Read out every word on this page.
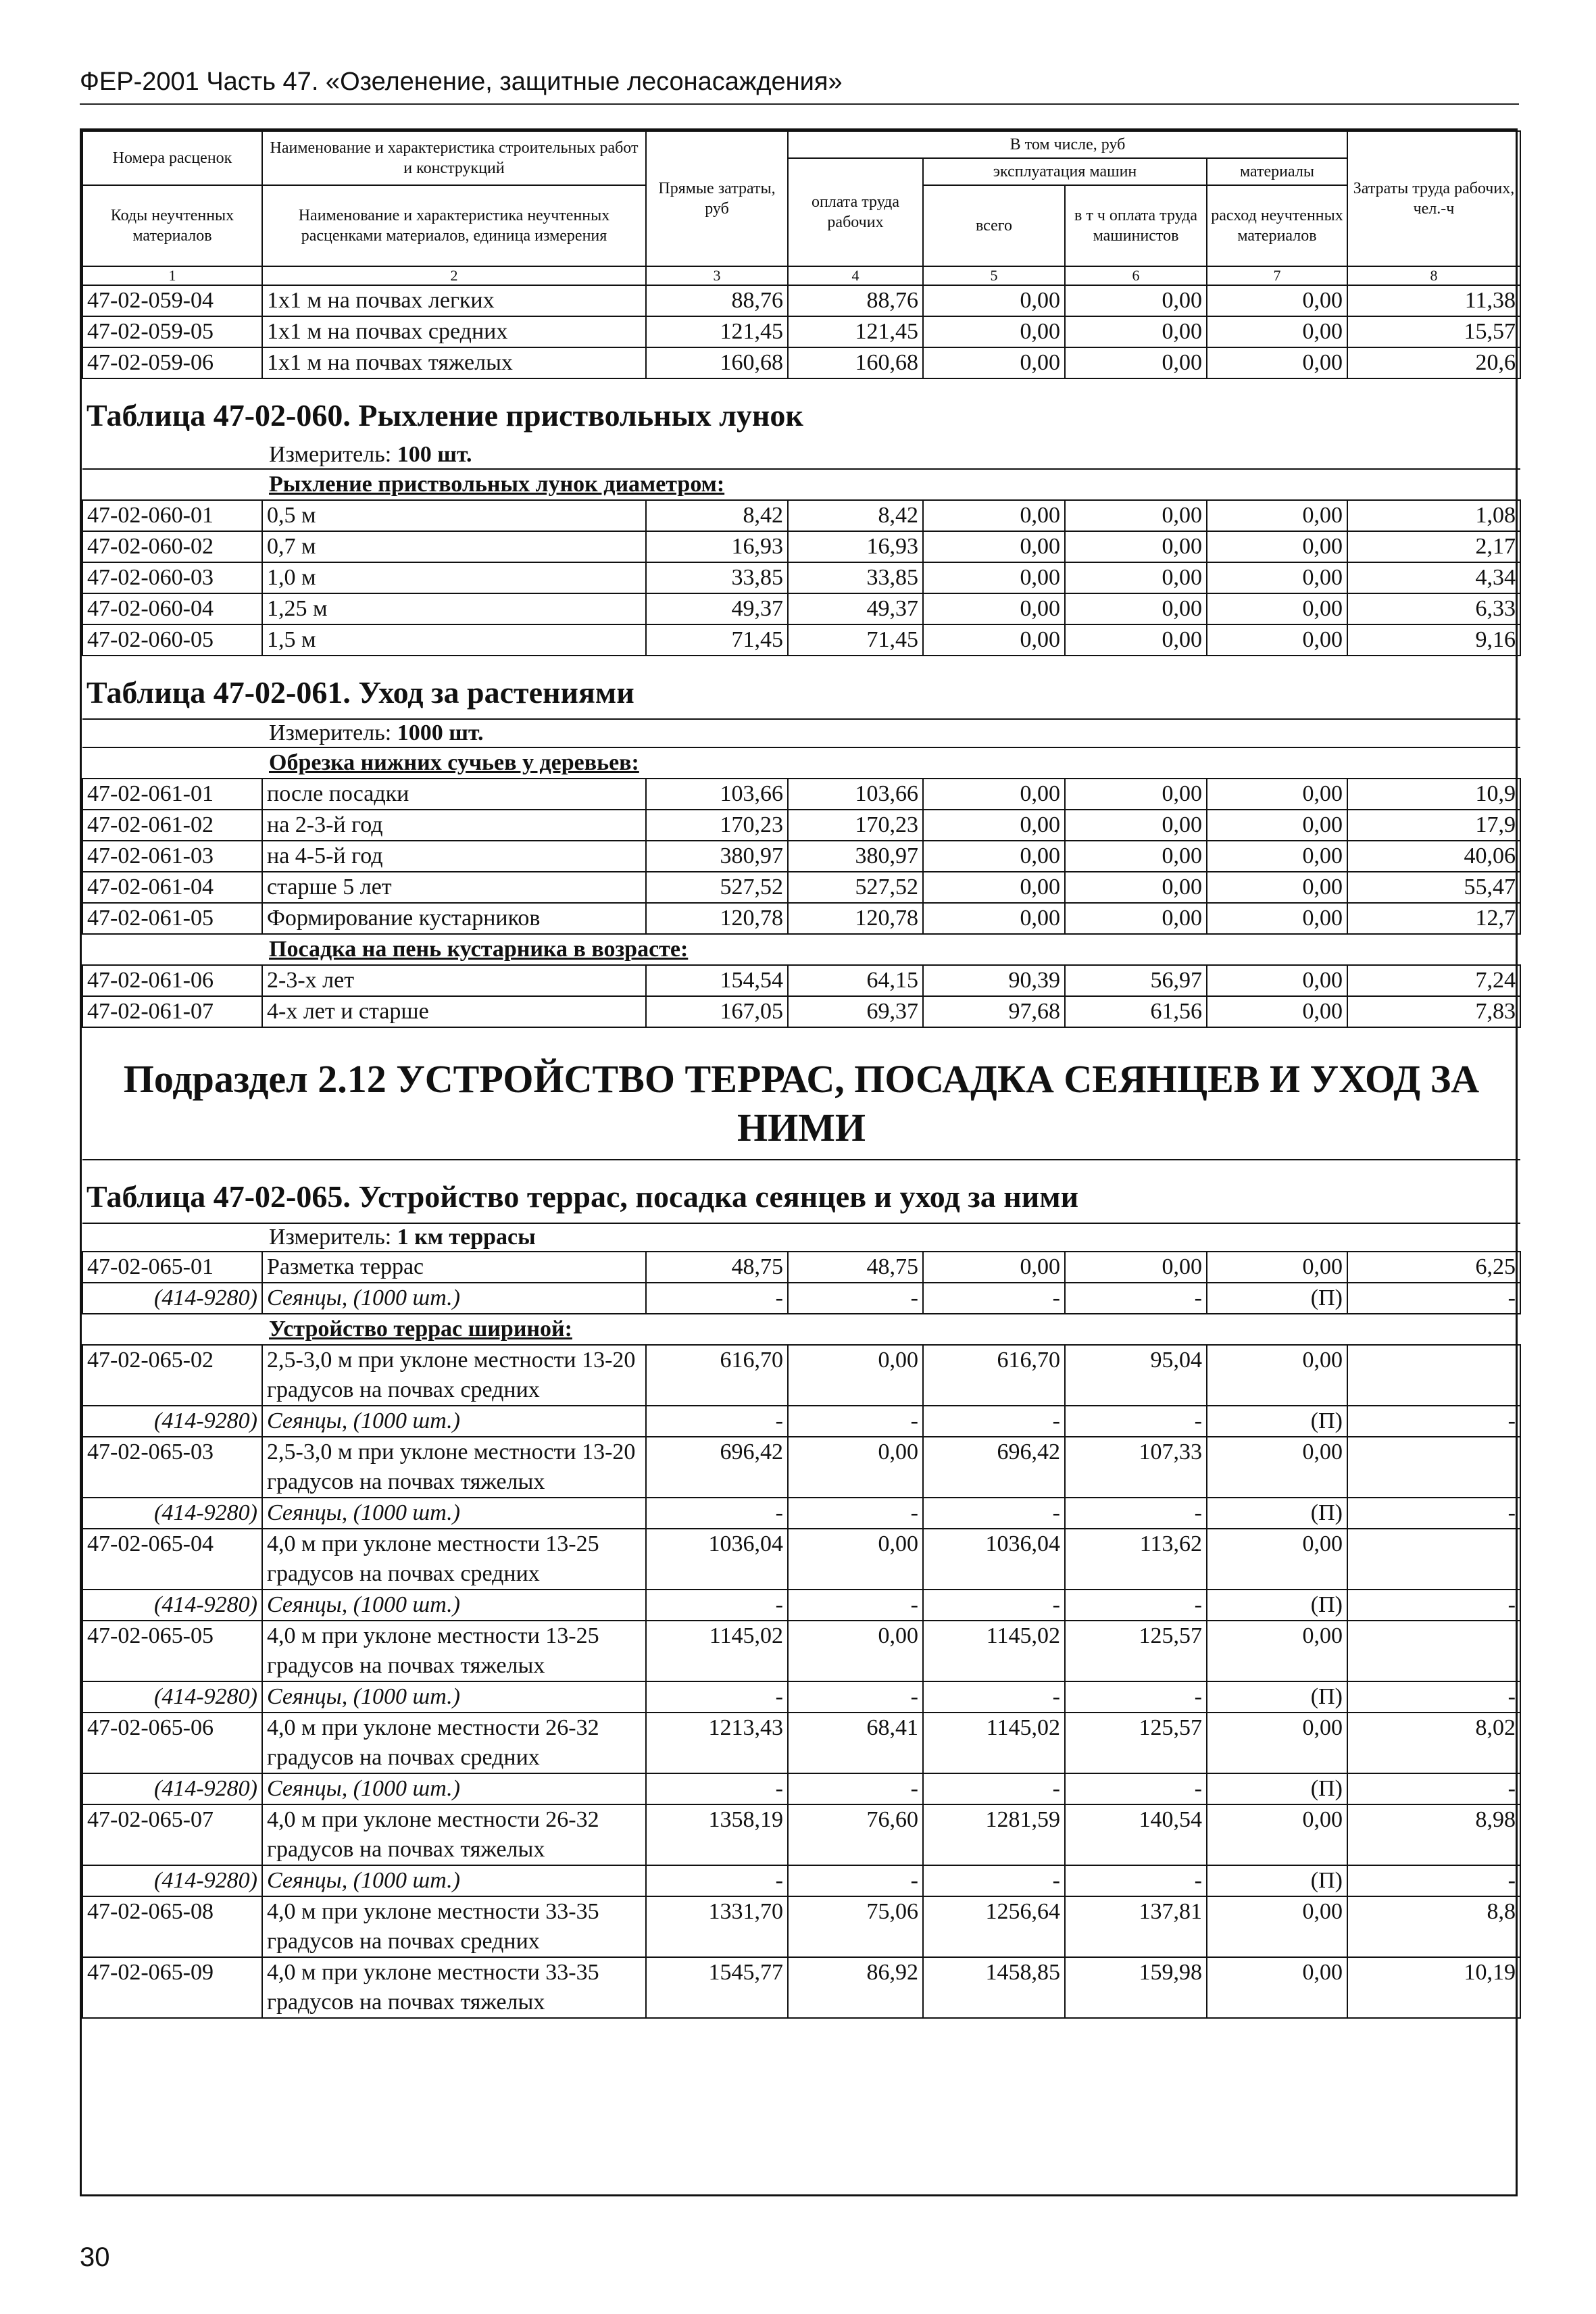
ФЕР-2001 Часть 47. «Озеленение, защитные лесонасаждения»
Номера расценок	Наименование и характеристика строительных работ и конструкций	Прямые затраты, руб	В том числе, руб				Затраты труда рабочих, чел.-ч
			оплата труда рабочих	эксплуатация машин		материалы	
Коды неучтенных материалов	Наименование и характеристика неучтенных расценками материалов, единица измерения			всего	в т ч оплата труда машинистов	расход неучтенных материалов	

1	2	3	4	5	6	7	8
47-02-059-04	1x1 м на почвах легких	88,76	88,76	0,00	0,00	0,00	11,38
47-02-059-05	1x1 м на почвах средних	121,45	121,45	0,00	0,00	0,00	15,57
47-02-059-06	1x1 м на почвах тяжелых	160,68	160,68	0,00	0,00	0,00	20,6

Таблица 47-02-060. Рыхление приствольных лунок							

Измеритель: 100 шт.							

Рыхление приствольных лунок диаметром:							

47-02-060-01	0,5 м	8,42	8,42	0,00	0,00	0,00	1,08
47-02-060-02	0,7 м	16,93	16,93	0,00	0,00	0,00	2,17
47-02-060-03	1,0 м	33,85	33,85	0,00	0,00	0,00	4,34
47-02-060-04	1,25 м	49,37	49,37	0,00	0,00	0,00	6,33
47-02-060-05	1,5 м	71,45	71,45	0,00	0,00	0,00	9,16

Таблица 47-02-061. Уход за растениями							

Измеритель: 1000 шт.							

Обрезка нижних сучьев у деревьев:							

47-02-061-01	после посадки	103,66	103,66	0,00	0,00	0,00	10,9
47-02-061-02	на 2-3-й год	170,23	170,23	0,00	0,00	0,00	17,9
47-02-061-03	на 4-5-й год	380,97	380,97	0,00	0,00	0,00	40,06
47-02-061-04	старше 5 лет	527,52	527,52	0,00	0,00	0,00	55,47
47-02-061-05	Формирование кустарников	120,78	120,78	0,00	0,00	0,00	12,7

Посадка на пень кустарника в возрасте:							

47-02-061-06	2-3-х лет	154,54	64,15	90,39	56,97	0,00	7,24
47-02-061-07	4-х лет и старше	167,05	69,37	97,68	61,56	0,00	7,83

Подраздел 2.12 УСТРОЙСТВО ТЕРРАС, ПОСАДКА СЕЯНЦЕВ И УХОД ЗА НИМИ							

Таблица 47-02-065. Устройство террас, посадка сеянцев и уход за ними							

Измеритель: 1 км террасы							

47-02-065-01	Разметка террас	48,75	48,75	0,00	0,00	0,00	6,25
(414-9280)	Сеянцы, (1000 шт.)	-	-	-	-	(П)	-

Устройство террас шириной:							

47-02-065-02	2,5-3,0 м при уклоне местности 13-20 градусов на почвах средних	616,70	0,00	616,70	95,04	0,00	
(414-9280)	Сеянцы, (1000 шт.)	-	-	-	-	(П)	-
47-02-065-03	2,5-3,0 м при уклоне местности 13-20 градусов на почвах тяжелых	696,42	0,00	696,42	107,33	0,00	
(414-9280)	Сеянцы, (1000 шт.)	-	-	-	-	(П)	-
47-02-065-04	4,0 м при уклоне местности 13-25 градусов на почвах средних	1036,04	0,00	1036,04	113,62	0,00	
(414-9280)	Сеянцы, (1000 шт.)	-	-	-	-	(П)	-
47-02-065-05	4,0 м при уклоне местности 13-25 градусов на почвах тяжелых	1145,02	0,00	1145,02	125,57	0,00	
(414-9280)	Сеянцы, (1000 шт.)	-	-	-	-	(П)	-
47-02-065-06	4,0 м при уклоне местности 26-32 градусов на почвах средних	1213,43	68,41	1145,02	125,57	0,00	8,02
(414-9280)	Сеянцы, (1000 шт.)	-	-	-	-	(П)	-
47-02-065-07	4,0 м при уклоне местности 26-32 градусов на почвах тяжелых	1358,19	76,60	1281,59	140,54	0,00	8,98
(414-9280)	Сеянцы, (1000 шт.)	-	-	-	-	(П)	-
47-02-065-08	4,0 м при уклоне местности 33-35 градусов на почвах средних	1331,70	75,06	1256,64	137,81	0,00	8,8
47-02-065-09	4,0 м при уклоне местности 33-35 градусов на почвах тяжелых	1545,77	86,92	1458,85	159,98	0,00	10,19
30
